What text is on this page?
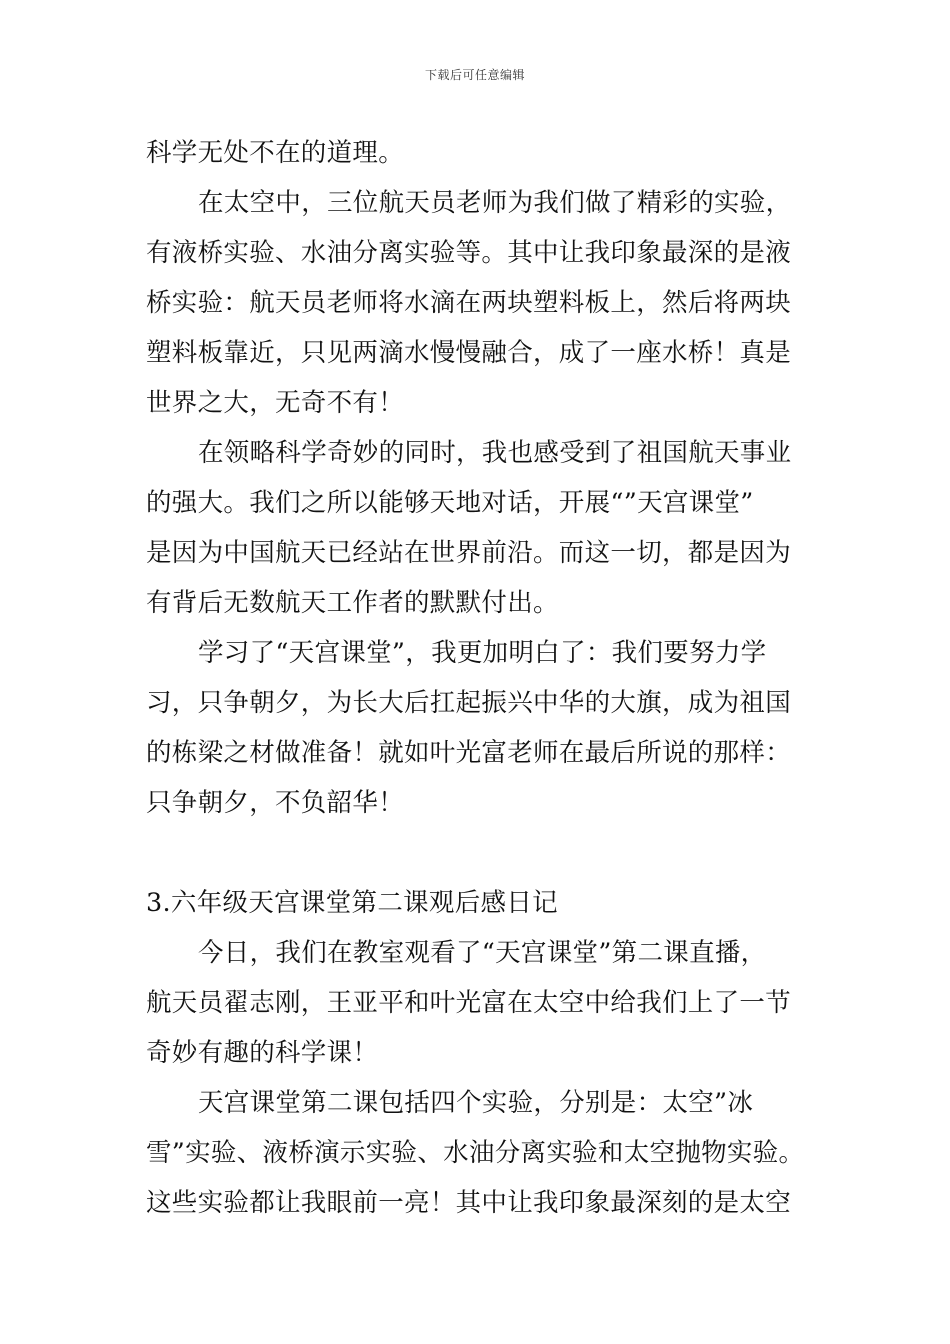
下载后可任意编辑
科学无处不在的道理。
在太空中，三位航天员老师为我们做了精彩的实验，
有液桥实验、水油分离实验等。其中让我印象最深的是液
桥实验：航天员老师将水滴在两块塑料板上，然后将两块
塑料板靠近，只见两滴水慢慢融合，成了一座水桥！真是
世界之大，无奇不有！
在领略科学奇妙的同时，我也感受到了祖国航天事业
的强大。我们之所以能够天地对话，开展“”天宫课堂”
是因为中国航天已经站在世界前沿。而这一切，都是因为
有背后无数航天工作者的默默付出。
学习了“天宫课堂”，我更加明白了：我们要努力学
习，只争朝夕，为长大后扛起振兴中华的大旗，成为祖国
的栋梁之材做准备！就如叶光富老师在最后所说的那样：
只争朝夕，不负韶华！
3.六年级天宫课堂第二课观后感日记
今日，我们在教室观看了“天宫课堂”第二课直播，
航天员翟志刚，王亚平和叶光富在太空中给我们上了一节
奇妙有趣的科学课！
天宫课堂第二课包括四个实验，分别是：太空”冰
雪”实验、液桥演示实验、水油分离实验和太空抛物实验。
这些实验都让我眼前一亮！其中让我印象最深刻的是太空
